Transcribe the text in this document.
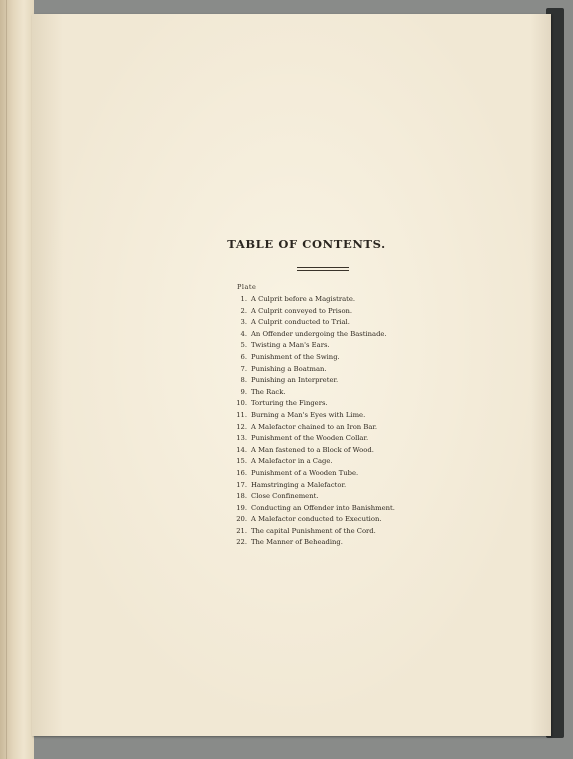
TABLE OF CONTENTS.
Plate
1. A Culprit before a Magistrate.
2. A Culprit conveyed to Prison.
3. A Culprit conducted to Trial.
4. An Offender undergoing the Bastinade.
5. Twisting a Man's Ears.
6. Punishment of the Swing.
7. Punishing a Boatman.
8. Punishing an Interpreter.
9. The Rack.
10. Torturing the Fingers.
11. Burning a Man's Eyes with Lime.
12. A Malefactor chained to an Iron Bar.
13. Punishment of the Wooden Collar.
14. A Man fastened to a Block of Wood.
15. A Malefactor in a Cage.
16. Punishment of a Wooden Tube.
17. Hamstringing a Malefactor.
18. Close Confinement.
19. Conducting an Offender into Banishment.
20. A Malefactor conducted to Execution.
21. The capital Punishment of the Cord.
22. The Manner of Beheading.
